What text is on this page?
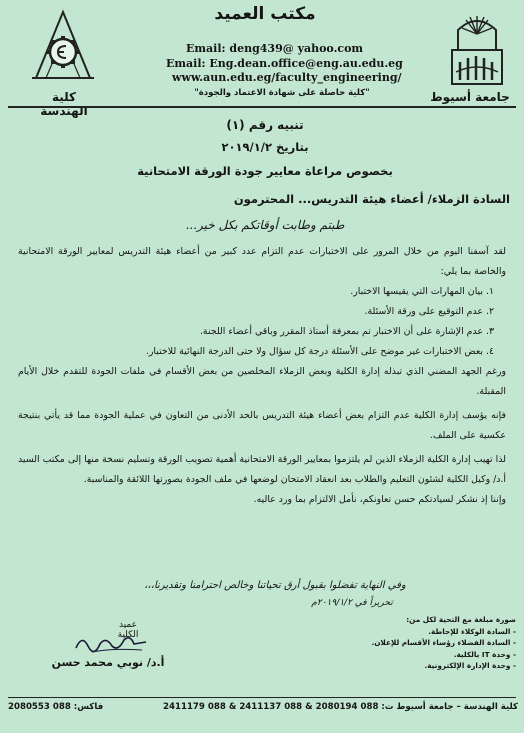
جامعة أسيوط
كلية الهندسة
مكتب العميد
Email: deng439@ yahoo.com
Email: Eng.dean.office@eng.au.edu.eg
www.aun.edu.eg/faculty_engineering/
"كلية حاصلة على شهادة الاعتماد والجودة"
تنبيه رقم (١)
بتاريخ ٢٠١٩/١/٢
بخصوص مراعاة معايير جودة الورقة الامتحانية
السادة الزملاء/ أعضاء هيئة التدريس... المحترمون
طبتم وطابت أوقاتكم بكل خير...

لقد آسفنا اليوم من خلال المرور على الاختبارات عدم التزام عدد كبير من أعضاء هيئة التدريس لمعايير الورقة الامتحانية والخاصة بما يلي:

١. بيان المهارات التي يقيسها الاختبار.

٢. عدم التوقيع على ورقة الأسئلة.

٣. عدم الإشارة على أن الاختبار تم بمعرفة أستاذ المقرر وباقي أعضاء اللجنة.

٤. بعض الاختبارات غير موضح على الأسئلة درجة كل سؤال ولا حتى الدرجة النهائية للاختبار.

ورغم الجهد المضني الذي تبذله إدارة الكلية وبعض الزملاء المخلصين من بعض الأقسام في ملفات الجودة للتقدم خلال الأيام المقبلة.

فإنه يؤسف إدارة الكلية عدم التزام بعض أعضاء هيئة التدريس بالحد الأدنى من التعاون في عملية الجودة مما قد يأتي بنتيجة عكسية على الملف.

لذا تهيب إدارة الكلية الزملاء الذين لم يلتزموا بمعايير الورقة الامتحانية أهمية تصويب الورقة وتسليم نسخة منها إلى مكتب السيد أ.د/ وكيل الكلية لشئون التعليم والطلاب بعد انعقاد الامتحان لوضعها في ملف الجودة بصورتها اللائقة والمناسبة.

وإننا إذ نشكر لسيادتكم حسن تعاونكم، نأمل الالتزام بما ورد عاليه.

وفي النهاية تفضلوا بقبول أرق تحياتنا وخالص احترامنا وتقديرنا،،،
تحريراً في ٢٠١٩/١/٢م
صورة مبلغة مع التحية لكل من:
- السادة الوكلاء للإحاطة.
- السادة الفضلاء رؤساء الأقسام للإعلان.
- وحدة IT بالكلية.
- وحدة الإدارة الإلكترونية.
عميد الكلية
أ.د/ نوبي محمد حسن
فاكس: 088 2080553	كلية الهندسة – جامعة أسيوط ت: 088 2080194 & 088 2411137 & 088 2411179
